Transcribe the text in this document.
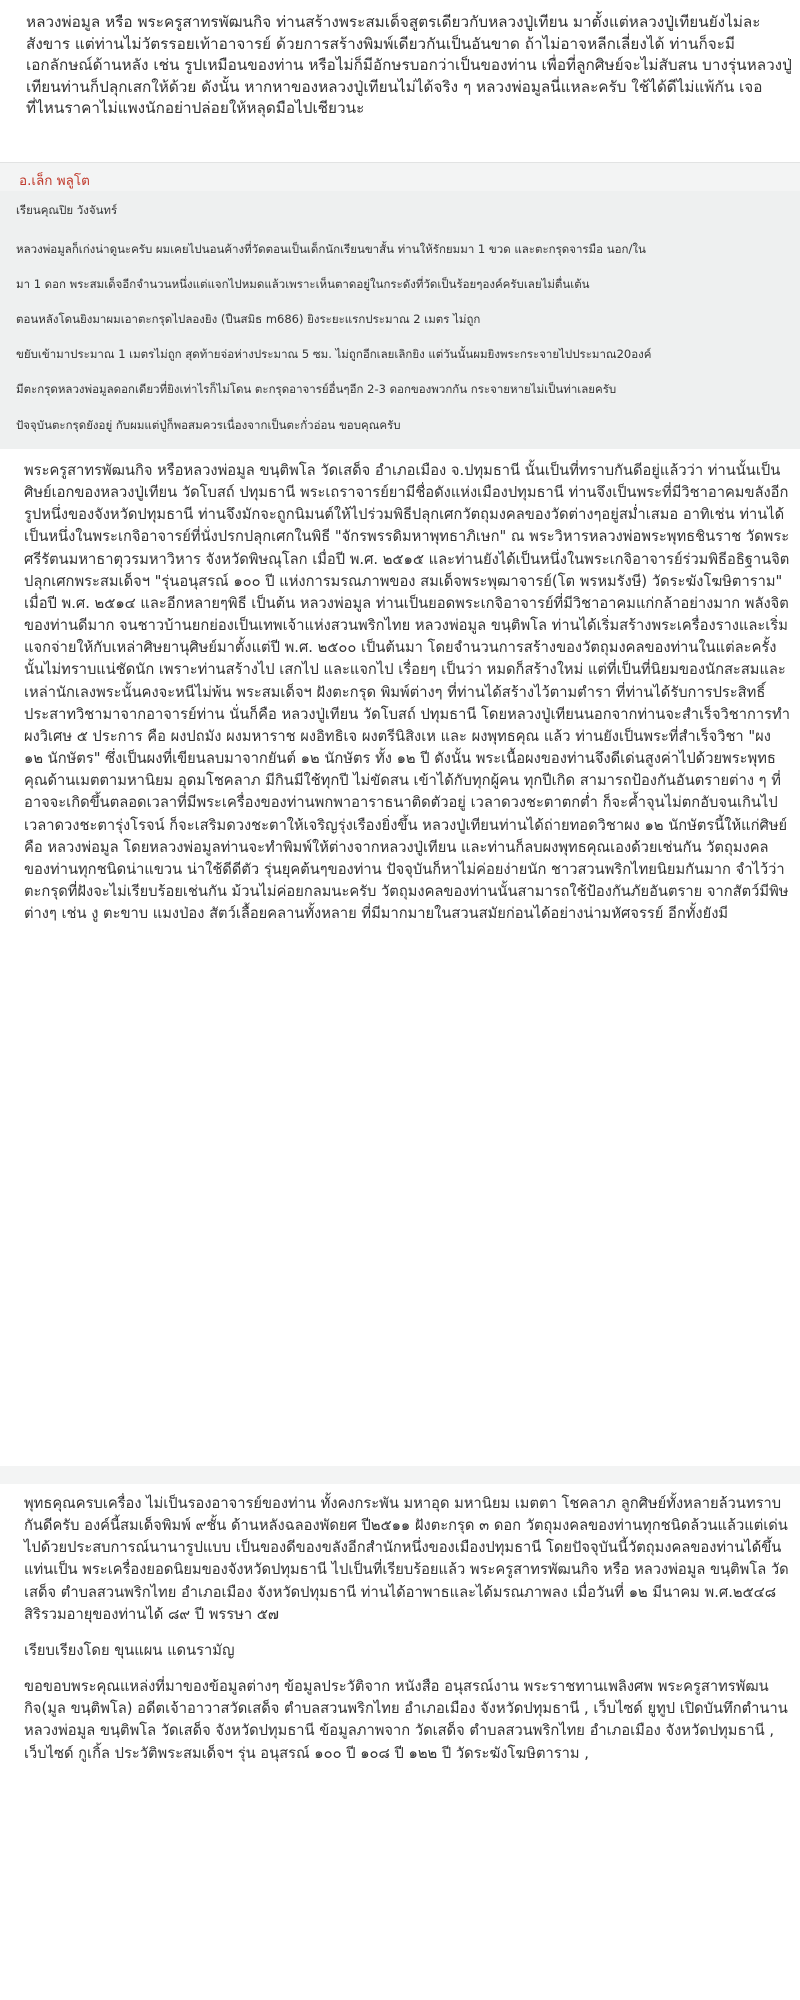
หลวงพ่อมูล หรือ พระครูสาทรพัฒนกิจ ท่านสร้างพระสมเด็จสูตรเดียวกับหลวงปู่เทียน มาตั้งแต่หลวงปู่เทียนยังไม่ละสังขาร แต่ท่านไม่วัตรรอยเท้าอาจารย์ ด้วยการสร้างพิมพ์เดียวกันเป็นอันขาด ถ้าไม่อาจหลีกเลี่ยงได้ ท่านก็จะมีเอกลักษณ์ด้านหลัง เช่น รูปเหมือนของท่าน หรือไม่ก็มีอักษรบอกว่าเป็นของท่าน เพื่อที่ลูกศิษย์จะไม่สับสน บางรุ่นหลวงปู่เทียนท่านก็ปลุกเสกให้ด้วย ดังนั้น หากหาของหลวงปู่เทียนไม่ได้จริง ๆ หลวงพ่อมูลนี่แหละครับ ใช้ได้ดีไม่แพ้กัน เจอที่ไหนราคาไม่แพงนักอย่าปล่อยให้หลุดมือไปเชียวนะ
อ.เล็ก พลูโต
เรียนคุณปิย วังจันทร์
หลวงพ่อมูลก็เก่งน่าดูนะครับ ผมเคยไปนอนค้างที่วัดตอนเป็นเด็กนักเรียนขาสั้น ท่านให้รักยมมา 1 ขวด และตะกรุดจารมือ นอก/ใน
มา 1 ดอก พระสมเด็จอีกจำนวนหนึ่งแต่แจกไปหมดแล้วเพราะเห็นตาดอยู่ในกระดังที่วัดเป็นร้อยๆองค์ครับเลยไม่ตื่นเต้น
ตอนหลังโดนยิงมาผมเอาตะกรุดไปลองยิง (ปืนสมิธ m686) ยิงระยะแรกประมาณ 2 เมตร ไม่ถูก
ขยับเข้ามาประมาณ 1 เมตรไม่ถูก สุดท้ายจ่อห่างประมาณ 5 ซม. ไม่ถูกอีกเลยเลิกยิง แต่วันนั้นผมยิงพระกระจายไปประมาณ20องค์
มีตะกรุดหลวงพ่อมูลดอกเดียวที่ยิงเท่าไรก็ไม่โดน ตะกรุดอาจารย์อื่นๆอีก 2-3 ดอกของพวกกัน กระจายหายไม่เป็นท่าเลยครับ
ปัจจุบันตะกรุดยังอยู่ กับผมแต่ปู่ก็พอสมควรเนื่องจากเป็นตะกั่วอ่อน ขอบคุณครับ
พระครูสาทรพัฒนกิจ หรือหลวงพ่อมูล ขนฺติพโล วัดเสด็จ อำเภอเมือง จ.ปทุมธานี นั้นเป็นที่ทราบกันดีอยู่แล้วว่า ท่านนั้นเป็นศิษย์เอกของหลวงปู่เทียน วัดโบสถ์ ปทุมธานี พระเถราจารย์ยามีชื่อดังแห่งเมืองปทุมธานี ท่านจึงเป็นพระที่มีวิชาอาคมขลังอีกรูปหนึ่งของจังหวัดปทุมธานี ท่านจึงมักจะถูกนิมนต์ให้ไปร่วมพิธีปลุกเศกวัตถุมงคลของวัดต่างๆอยู่สม่ำเสมอ อาทิเช่น ท่านได้เป็นหนึ่งในพระเกจิอาจารย์ที่นั่งปรกปลุกเศกในพิธี "จักรพรรดิมหาพุทธาภิเษก" ณ พระวิหารหลวงพ่อพระพุทธชินราช วัดพระศรีรัตนมหาธาตุวรมหาวิหาร จังหวัดพิษณุโลก เมื่อปี พ.ศ. ๒๕๑๕ และท่านยังได้เป็นหนึ่งในพระเกจิอาจารย์ร่วมพิธีอธิฐานจิตปลุกเศกพระสมเด็จฯ "รุ่นอนุสรณ์ ๑๐๐ ปี แห่งการมรณภาพของ สมเด็จพระพุฒาจารย์(โต พรหมรังษี) วัดระฆังโฆษิตาราม" เมื่อปี พ.ศ. ๒๕๑๔ และอีกหลายๆพิธี เป็นต้น หลวงพ่อมูล ท่านเป็นยอดพระเกจิอาจารย์ที่มีวิชาอาคมแก่กล้าอย่างมาก พลังจิตของท่านดีมาก จนชาวบ้านยกย่องเป็นเทพเจ้าแห่งสวนพริกไทย หลวงพ่อมูล ขนฺติพโล ท่านได้เริ่มสร้างพระเครื่องรางและเริ่มแจกจ่ายให้กับเหล่าศิษยานุศิษย์มาตั้งแต่ปี พ.ศ. ๒๕๐๐ เป็นต้นมา โดยจำนวนการสร้างของวัตถุมงคลของท่านในแต่ละครั้งนั้นไม่ทราบแน่ชัดนัก เพราะท่านสร้างไป เสกไป และแจกไป เรื่อยๆ เป็นว่า หมดก็สร้างใหม่ แต่ที่เป็นที่นิยมของนักสะสมและเหล่านักเลงพระนั้นคงจะหนีไม่พ้น พระสมเด็จฯ ฝังตะกรุด พิมพ์ต่างๆ ที่ท่านได้สร้างไว้ตามตำรา ที่ท่านได้รับการประสิทธิ์ประสาทวิชามาจากอาจารย์ท่าน นั่นก็คือ หลวงปู่เทียน วัดโบสถ์ ปทุมธานี โดยหลวงปู่เทียนนอกจากท่านจะสำเร็จวิชาการทำผงวิเศษ ๕ ประการ คือ ผงปถมัง ผงมหาราช ผงอิทธิเจ ผงตรีนิสิงเห และ ผงพุทธคุณ แล้ว ท่านยังเป็นพระที่สำเร็จวิชา "ผง ๑๒ นักษัตร" ซึ่งเป็นผงที่เขียนลบมาจากยันต์ ๑๒ นักษัตร ทั้ง ๑๒ ปี ดังนั้น พระเนื้อผงของท่านจึงดีเด่นสูงค่าไปด้วยพระพุทธคุณด้านเมตตามหานิยม อุดมโชคลาภ มีกินมีใช้ทุกปี ไม่ขัดสน เข้าได้กับทุกผู้คน ทุกปีเกิด สามารถป้องกันอันตรายต่าง ๆ ที่อาจจะเกิดขึ้นตลอดเวลาที่มีพระเครื่องของท่านพกพาอาราธนาติดตัวอยู่ เวลาดวงชะตาตกต่ำ ก็จะค้ำจุนไม่ตกอับจนเกินไป เวลาดวงชะตารุ่งโรจน์ ก็จะเสริมดวงชะตาให้เจริญรุ่งเรืองยิ่งขึ้น หลวงปู่เทียนท่านได้ถ่ายทอดวิชาผง ๑๒ นักษัตรนี้ให้แก่ศิษย์ คือ หลวงพ่อมูล โดยหลวงพ่อมูลท่านจะทำพิมพ์ให้ต่างจากหลวงปู่เทียน และท่านก็ลบผงพุทธคุณเองด้วยเช่นกัน วัตถุมงคลของท่านทุกชนิดน่าแขวน น่าใช้ดีดีตัว รุ่นยุคต้นๆของท่าน ปัจจุบันก็หาไม่ค่อยง่ายนัก ชาวสวนพริกไทยนิยมกันมาก จำไว้ว่าตะกรุดที่ฝังจะไม่เรียบร้อยเช่นกัน ม้วนไม่ค่อยกลมนะครับ วัตถุมงคลของท่านนั้นสามารถใช้ป้องกันภัยอันตราย จากสัตว์มีพิษต่างๆ เช่น งู ตะขาบ แมงป่อง สัตว์เลื้อยคลานทั้งหลาย ที่มีมากมายในสวนสมัยก่อนได้อย่างน่ามหัศจรรย์ อีกทั้งยังมี

พุทธคุณครบเครื่อง ไม่เป็นรองอาจารย์ของท่าน ทั้งคงกระพัน มหาอุด มหานิยม เมตตา โชคลาภ ลูกศิษย์ทั้งหลายล้วนทราบกันดีครับ องค์นี้สมเด็จพิมพ์ ๙ชั้น ด้านหลังฉลองพัดยศ ปี๒๕๑๑ ฝังตะกรุด ๓ ดอก วัตถุมงคลของท่านทุกชนิดล้วนแล้วแต่เด่นไปด้วยประสบการณ์นานารูปแบบ เป็นของดีของขลังอีกสำนักหนึ่งของเมืองปทุมธานี โดยปัจจุบันนี้วัตถุมงคลของท่านได้ขึ้นแท่นเป็น พระเครื่องยอดนิยมของจังหวัดปทุมธานี ไปเป็นที่เรียบร้อยแล้ว พระครูสาทรพัฒนกิจ หรือ หลวงพ่อมูล ขนฺติพโล วัดเสด็จ ตำบลสวนพริกไทย อำเภอเมือง จังหวัดปทุมธานี ท่านได้อาพาธและได้มรณภาพลง เมื่อวันที่ ๑๒ มีนาคม พ.ศ.๒๕๔๘ สิริรวมอายุของท่านได้ ๘๙ ปี พรรษา ๕๗

เรียบเรียงโดย ขุนแผน แดนรามัญ

ขอขอบพระคุณแหล่งที่มาของข้อมูลต่างๆ ข้อมูลประวัติจาก หนังสือ อนุสรณ์งาน พระราชทานเพลิงศพ พระครูสาทรพัฒนกิจ(มูล ขนฺติพโล) อดีตเจ้าอาวาสวัดเสด็จ ตำบลสวนพริกไทย อำเภอเมือง จังหวัดปทุมธานี , เว็บไซด์ ยูทูป เปิดบันทึกตำนาน หลวงพ่อมูล ขนฺติพโล วัดเสด็จ จังหวัดปทุมธานี ข้อมูลภาพจาก วัดเสด็จ ตำบลสวนพริกไทย อำเภอเมือง จังหวัดปทุมธานี , เว็บไซด์ กูเกิ้ล ประวัติพระสมเด็จฯ รุ่น อนุสรณ์ ๑๐๐ ปี ๑๐๘ ปี ๑๒๒ ปี วัดระฆังโฆษิตาราม ,
